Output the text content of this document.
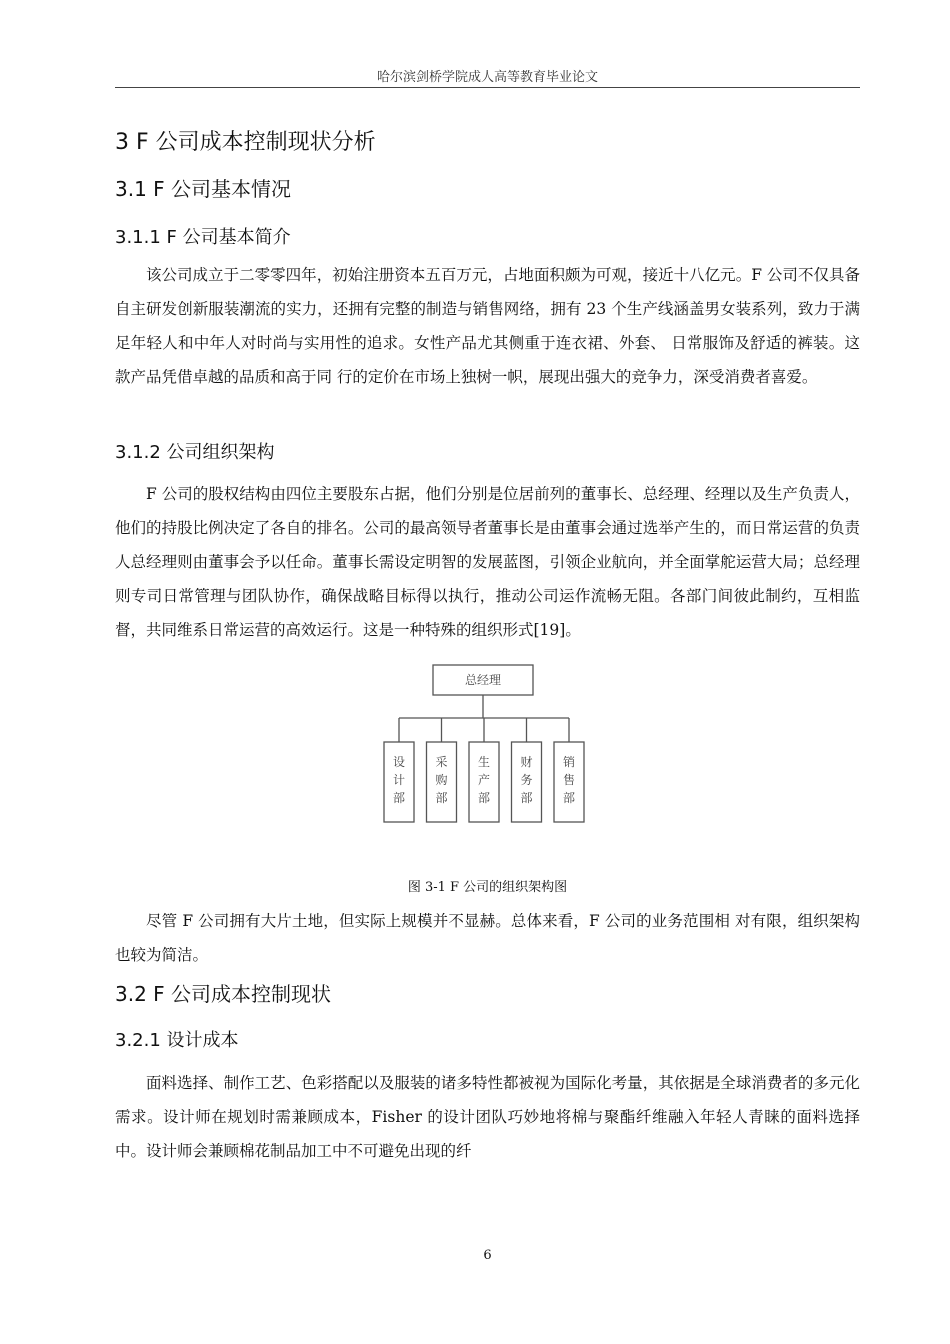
哈尔滨剑桥学院成人高等教育毕业论文
3 F 公司成本控制现状分析
3.1 F 公司基本情况
3.1.1 F 公司基本简介

该公司成立于二零零四年，初始注册资本五百万元，占地面积颇为可观，接近十八亿元。F 公司不仅具备自主研发创新服装潮流的实力，还拥有完整的制造与销售网络，拥有 23 个生产线涵盖男女装系列，致力于满足年轻人和中年人对时尚与实用性的追求。女性产品尤其侧重于连衣裙、外套、 日常服饰及舒适的裤装。这款产品凭借卓越的品质和高于同 行的定价在市场上独树一帜，展现出强大的竞争力，深受消费者喜爱。

3.1.2 公司组织架构

F 公司的股权结构由四位主要股东占据，他们分别是位居前列的董事长、总经理、经理以及生产负责人，他们的持股比例决定了各自的排名。公司的最高领导者董事长是由董事会通过选举产生的，而日常运营的负责人总经理则由董事会予以任命。董事长需设定明智的发展蓝图，引领企业航向，并全面掌舵运营大局；总经理则专司日常管理与团队协作，确保战略目标得以执行，推动公司运作流畅无阻。各部门间彼此制约，互相监督，共同维系日常运营的高效运行。这是一种特殊的组织形式[19]。

总经理
设
计
部
采
购
部
生
产
部
财
务
部
销
售
部
图 3-1 F 公司的组织架构图

尽管 F 公司拥有大片土地，但实际上规模并不显赫。总体来看，F 公司的业务范围相 对有限，组织架构也较为简洁。

3.2 F 公司成本控制现状
3.2.1 设计成本

面料选择、制作工艺、色彩搭配以及服装的诸多特性都被视为国际化考量，其依据是全球消费者的多元化需求。设计师在规划时需兼顾成本，Fisher 的设计团队巧妙地将棉与聚酯纤维融入年轻人青睐的面料选择中。设计师会兼顾棉花制品加工中不可避免出现的纤

6
